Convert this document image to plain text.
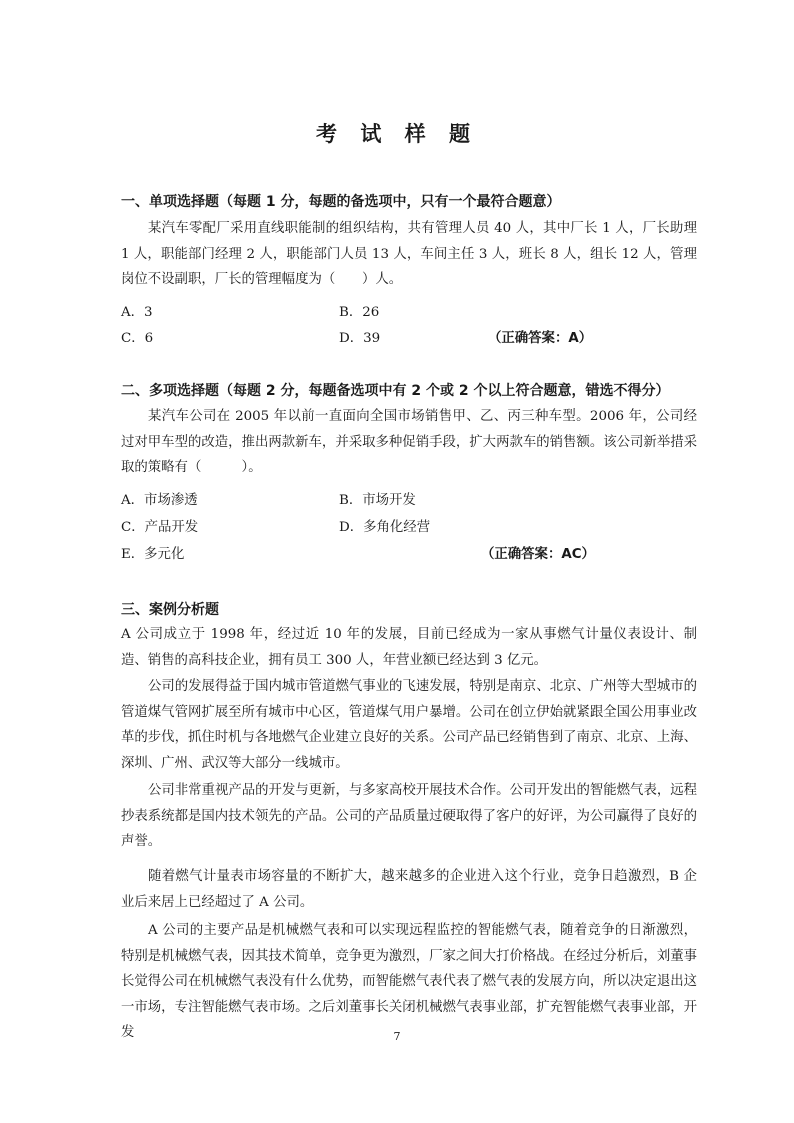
考 试 样 题
一、单项选择题（每题 1 分，每题的备选项中，只有一个最符合题意）

某汽车零配厂采用直线职能制的组织结构，共有管理人员 40 人，其中厂长 1 人，厂长助理 1 人，职能部门经理 2 人，职能部门人员 13 人，车间主任 3 人，班长 8 人，组长 12 人，管理岗位不设副职，厂长的管理幅度为（　　）人。

A．3	B．26
C．6	D．39	（正确答案：A）
二、多项选择题（每题 2 分，每题备选项中有 2 个或 2 个以上符合题意，错选不得分）

某汽车公司在 2005 年以前一直面向全国市场销售甲、乙、丙三种车型。2006 年，公司经过对甲车型的改造，推出两款新车，并采取多种促销手段，扩大两款车的销售额。该公司新举措采取的策略有（　　　）。

A．市场渗透	B．市场开发
C．产品开发	D．多角化经营
E．多元化	（正确答案：AC）
三、案例分析题

A 公司成立于 1998 年，经过近 10 年的发展，目前已经成为一家从事燃气计量仪表设计、制造、销售的高科技企业，拥有员工 300 人，年营业额已经达到 3 亿元。

公司的发展得益于国内城市管道燃气事业的飞速发展，特别是南京、北京、广州等大型城市的管道煤气管网扩展至所有城市中心区，管道煤气用户暴增。公司在创立伊始就紧跟全国公用事业改革的步伐，抓住时机与各地燃气企业建立良好的关系。公司产品已经销售到了南京、北京、上海、深圳、广州、武汉等大部分一线城市。

公司非常重视产品的开发与更新，与多家高校开展技术合作。公司开发出的智能燃气表，远程抄表系统都是国内技术领先的产品。公司的产品质量过硬取得了客户的好评，为公司赢得了良好的声誉。

随着燃气计量表市场容量的不断扩大，越来越多的企业进入这个行业，竞争日趋激烈，B 企业后来居上已经超过了 A 公司。

A 公司的主要产品是机械燃气表和可以实现远程监控的智能燃气表，随着竞争的日渐激烈，特别是机械燃气表，因其技术简单，竞争更为激烈，厂家之间大打价格战。在经过分析后，刘董事长觉得公司在机械燃气表没有什么优势，而智能燃气表代表了燃气表的发展方向，所以决定退出这一市场，专注智能燃气表市场。之后刘董事长关闭机械燃气表事业部，扩充智能燃气表事业部，开发	7
